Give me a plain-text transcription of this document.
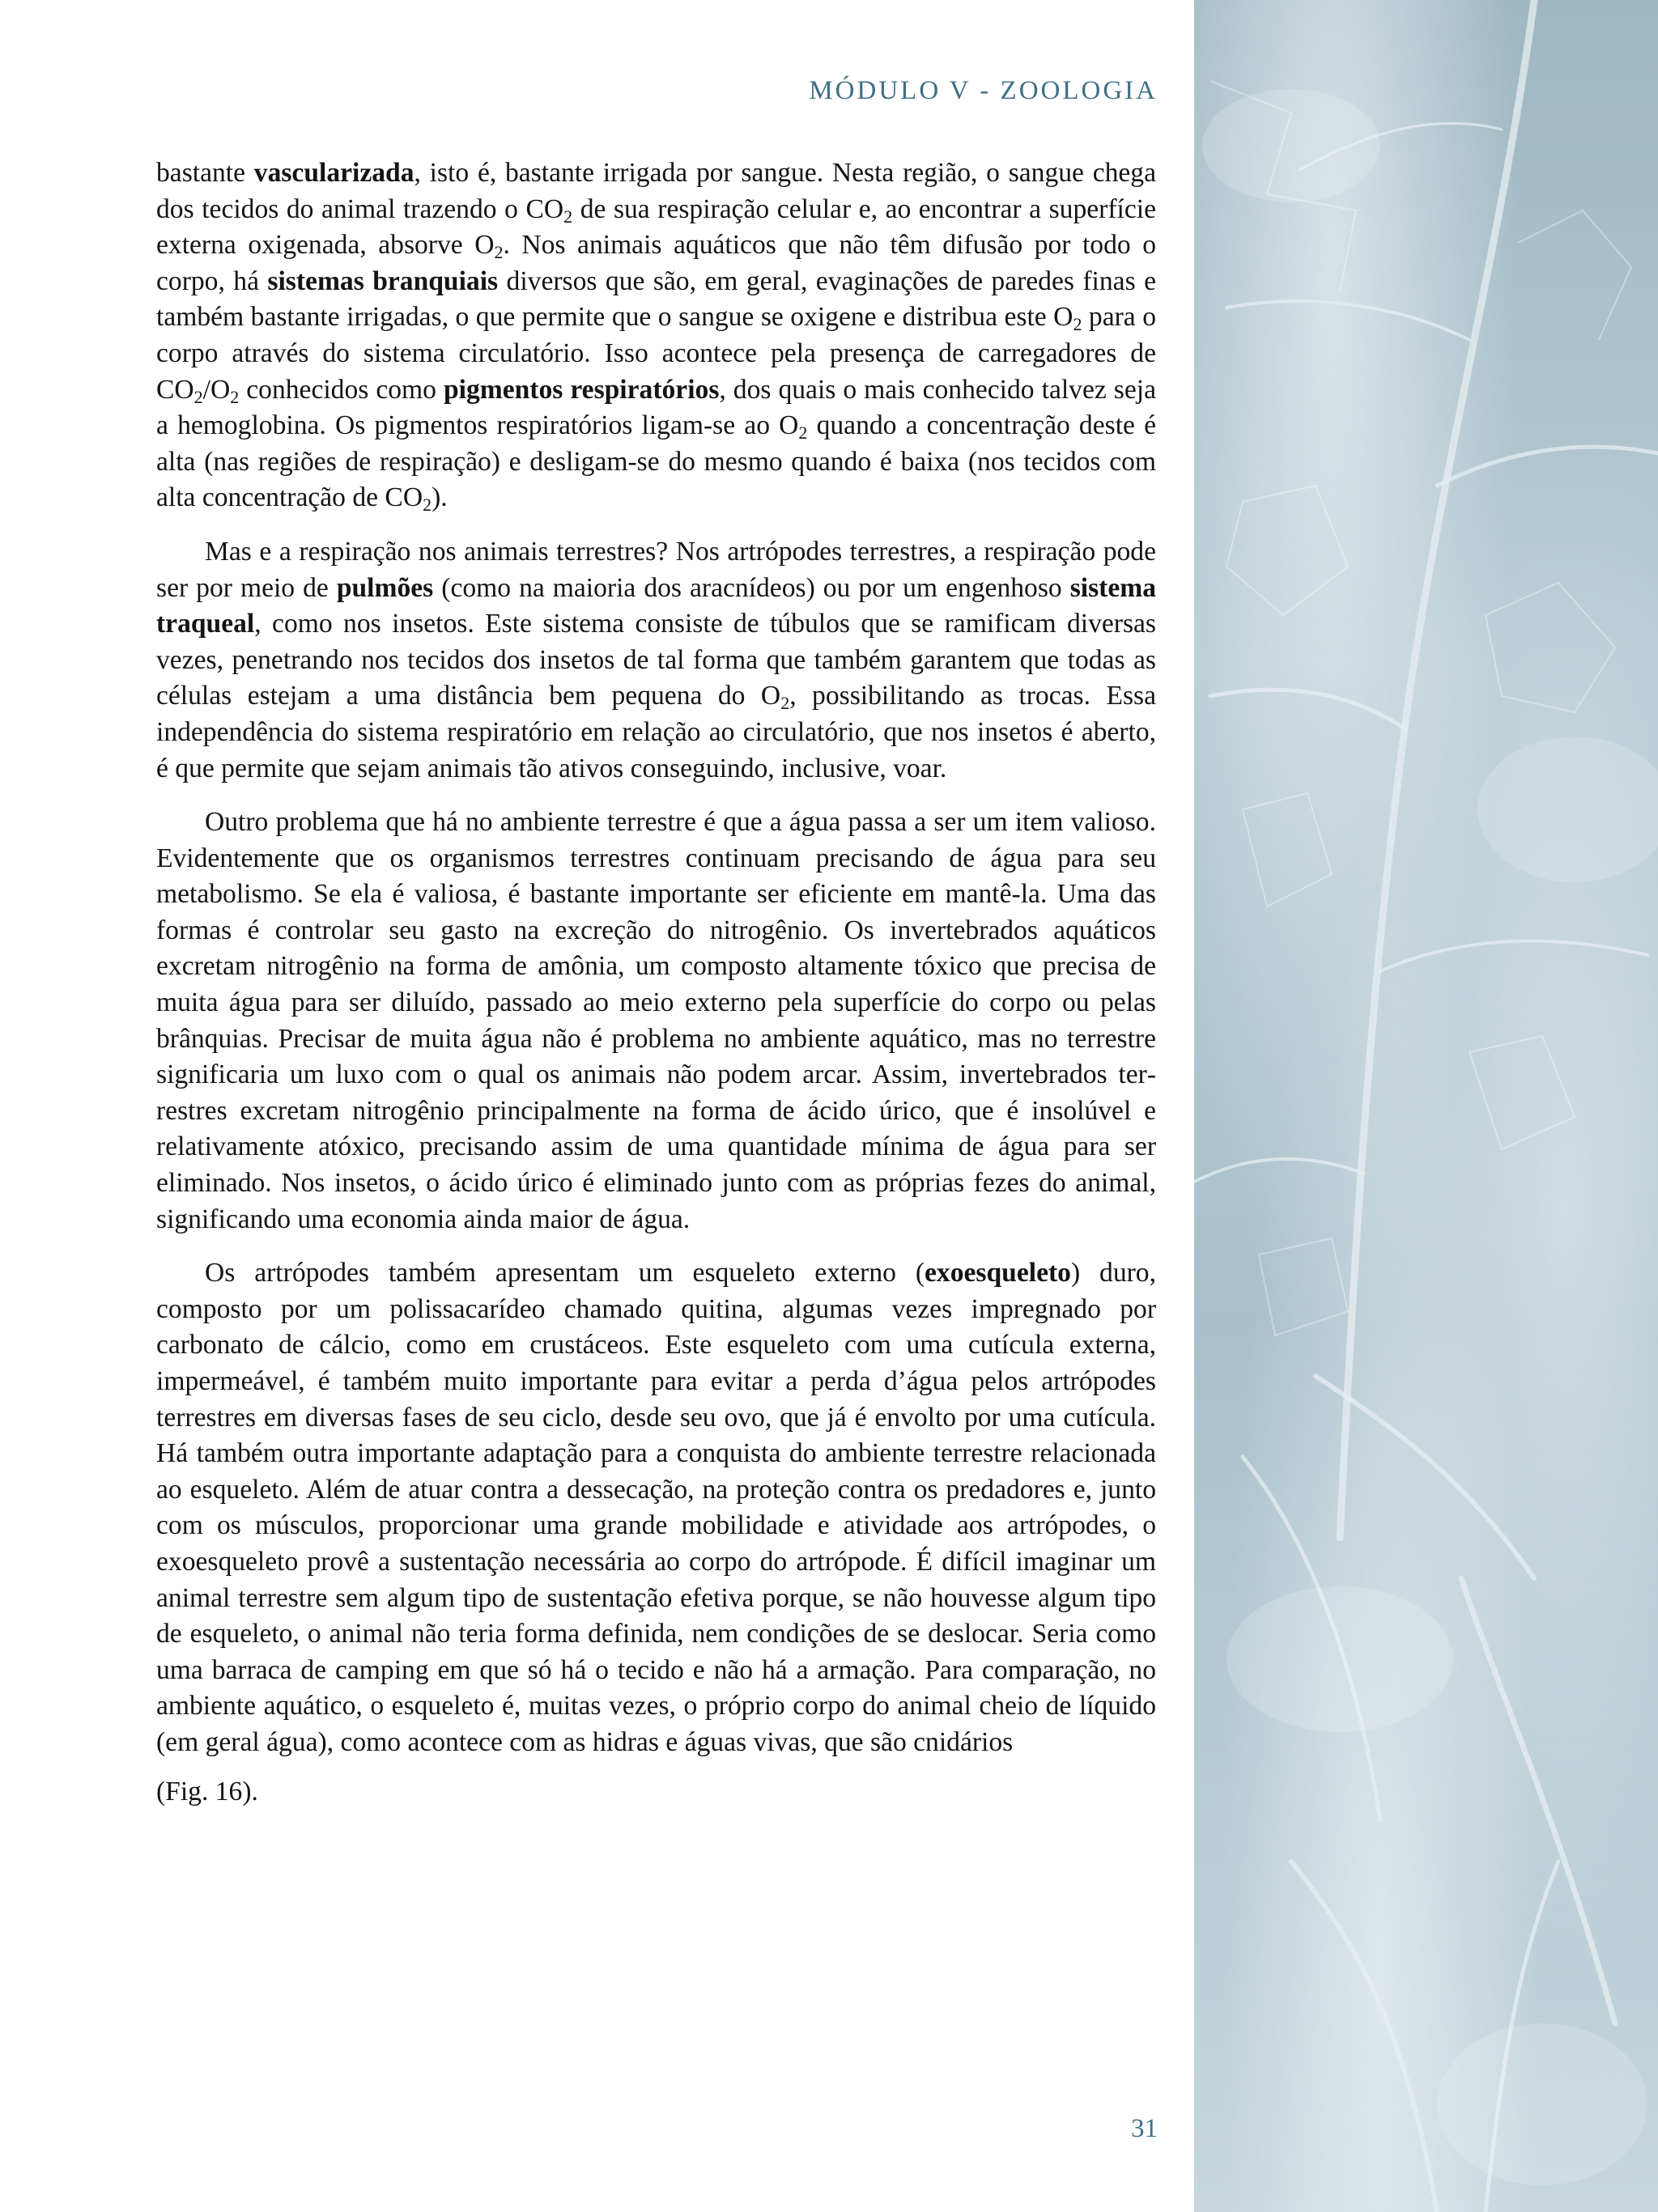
MÓDULO V - ZOOLOGIA

bastante vascularizada, isto é, bastante irrigada por sangue. Nesta região, o sangue chega dos tecidos do animal trazendo o $CO_2$ de sua respiração celular e, ao encontrar a superfície externa oxigenada, absorve $O_2$. Nos animais aquáticos que não têm difusão por todo o corpo, há sistemas branquiais diversos que são, em geral, evaginações de paredes finas e também bastante irrigadas, o que permite que o sangue se oxigene e distribua este $O_2$ para o corpo através do sistema circulatório. Isso acontece pela presença de carregadores de $CO_2/O_2$ conhecidos como pigmentos respiratórios, dos quais o mais conhecido talvez seja a hemoglobina. Os pigmentos respiratórios ligam-se ao $O_2$ quando a concentração deste é alta (nas regiões de respiração) e desligam-se do mesmo quando é baixa (nos tecidos com alta concentração de $CO_2$).

Mas e a respiração nos animais terrestres? Nos artrópodes terrestres, a respiração pode ser por meio de pulmões (como na maioria dos aracnídeos) ou por um engenhoso sistema traqueal, como nos insetos. Este sistema consiste de túbulos que se ramificam diversas vezes, penetrando nos tecidos dos insetos de tal forma que também garantem que todas as células estejam a uma distância bem pequena do $O_2$, possibilitando as trocas. Essa independência do sistema respiratório em relação ao circulatório, que nos insetos é aberto, é que permite que sejam animais tão ativos conseguindo, inclusive, voar.

Outro problema que há no ambiente terrestre é que a água passa a ser um item valioso. Evidentemente que os organismos terrestres continuam precisando de água para seu metabolismo. Se ela é valiosa, é bastante importante ser eficiente em mantê-la. Uma das formas é controlar seu gasto na excreção do nitrogênio. Os invertebrados aquáticos excretam nitrogênio na forma de amônia, um composto altamente tóxico que precisa de muita água para ser diluído, passado ao meio externo pela superfície do corpo ou pelas brânquias. Precisar de muita água não é problema no ambiente aquático, mas no terrestre significaria um luxo com o qual os animais não podem arcar. Assim, invertebrados terrestres excretam nitrogênio principalmente na forma de ácido úrico, que é insolúvel e relativamente atóxico, precisando assim de uma quantidade mínima de água para ser eliminado. Nos insetos, o ácido úrico é eliminado junto com as próprias fezes do animal, significando uma economia ainda maior de água.

Os artrópodes também apresentam um esqueleto externo (exoesqueleto) duro, composto por um polissacarídeo chamado quitina, algumas vezes impregnado por carbonato de cálcio, como em crustáceos. Este esqueleto com uma cutícula externa, impermeável, é também muito importante para evitar a perda d’água pelos artrópodes terrestres em diversas fases de seu ciclo, desde seu ovo, que já é envolto por uma cutícula. Há também outra importante adaptação para a conquista do ambiente terrestre relacionada ao esqueleto. Além de atuar contra a dessecação, na proteção contra os predadores e, junto com os músculos, proporcionar uma grande mobilidade e atividade aos artrópodes, o exoesqueleto provê a sustentação necessária ao corpo do artrópode. É difícil imaginar um animal terrestre sem algum tipo de sustentação efetiva porque, se não houvesse algum tipo de esqueleto, o animal não teria forma definida, nem condições de se deslocar. Seria como uma barraca de camping em que só há o tecido e não há a armação. Para comparação, no ambiente aquático, o esqueleto é, muitas vezes, o próprio corpo do animal cheio de líquido (em geral água), como acontece com as hidras e águas vivas, que são cnidários
(Fig. 16).

31
